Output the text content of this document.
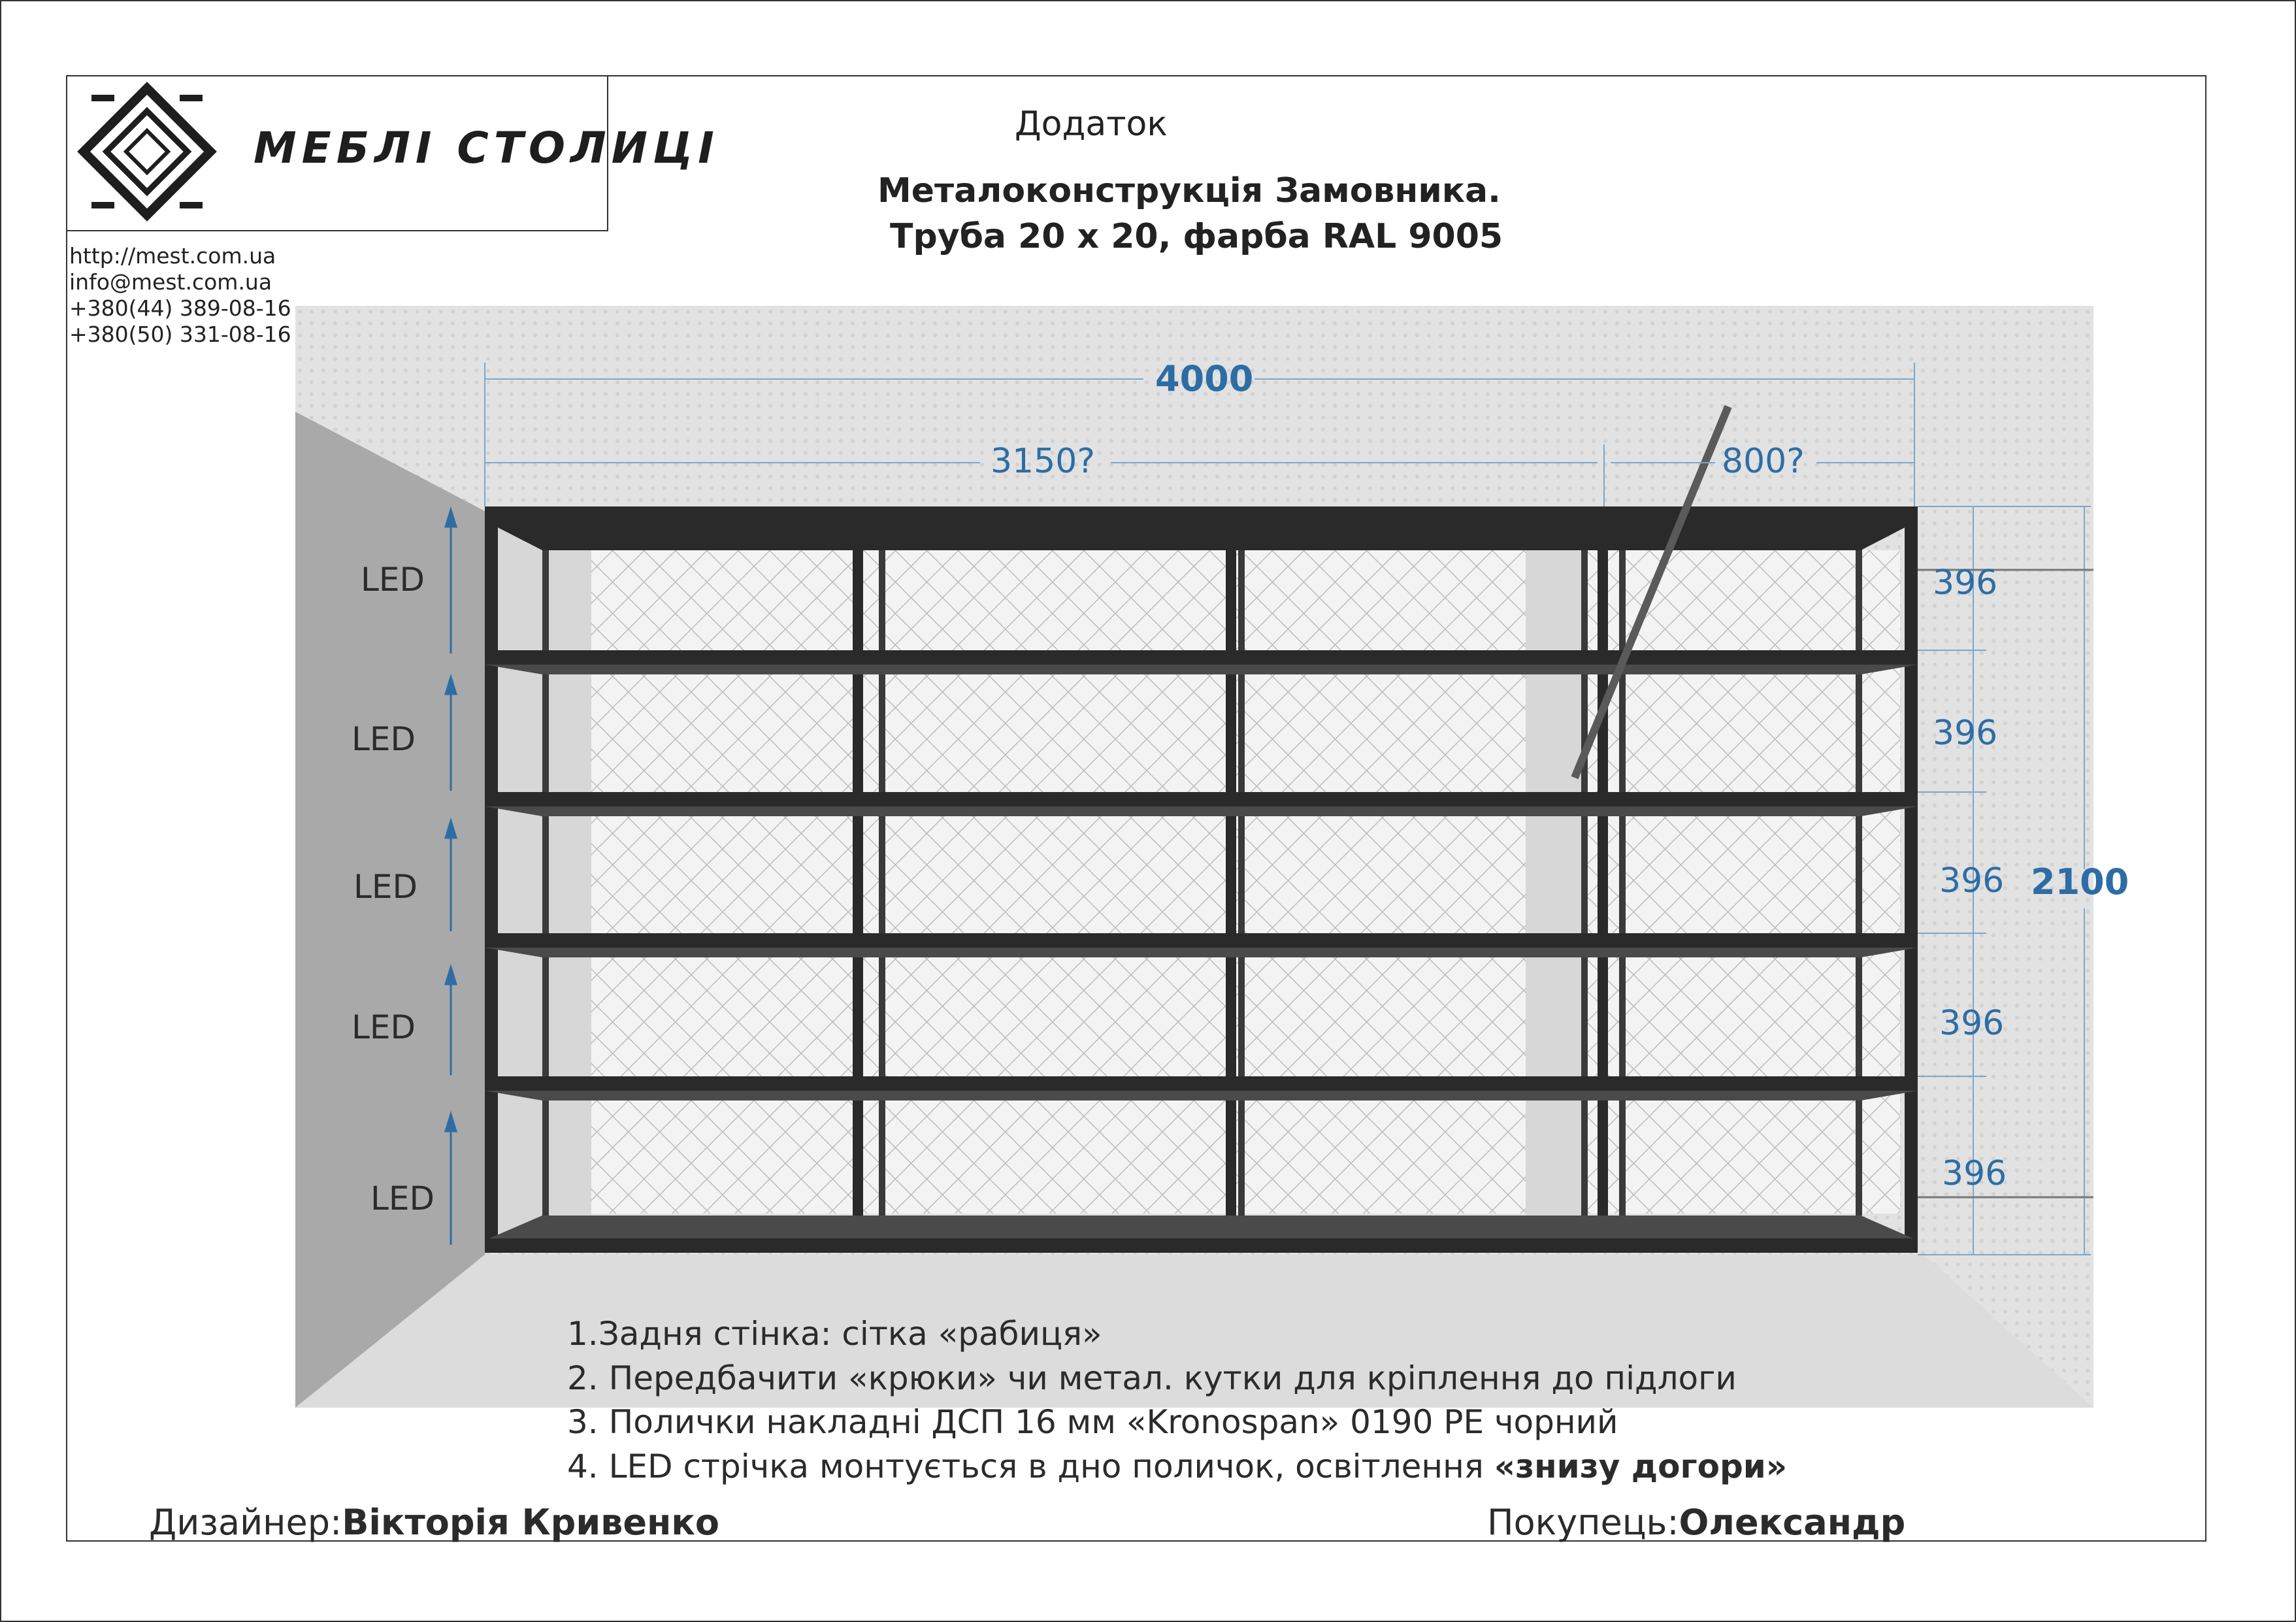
МЕБЛІ СТОЛИЦІ
http://mest.com.ua
info@mest.com.ua
+380(44) 389-08-16
+380(50) 331-08-16
Додаток
Металоконструкція Замовника.
Труба 20 х 20, фарба RAL 9005
4000
3150?	800?
2100
396
396
396
396
396
LED
LED
LED
LED
LED
1.Задня стінка: сітка «рабиця»
2. Передбачити «крюки» чи метал. кутки для кріплення до підлоги
3. Полички накладні ДСП 16 мм «Kronospan» 0190 PE чорний
4. LED стрічка монтується в дно поличок, освітлення «знизу догори»
Дизайнер:Вікторія Кривенко	Покупець:Олександр
